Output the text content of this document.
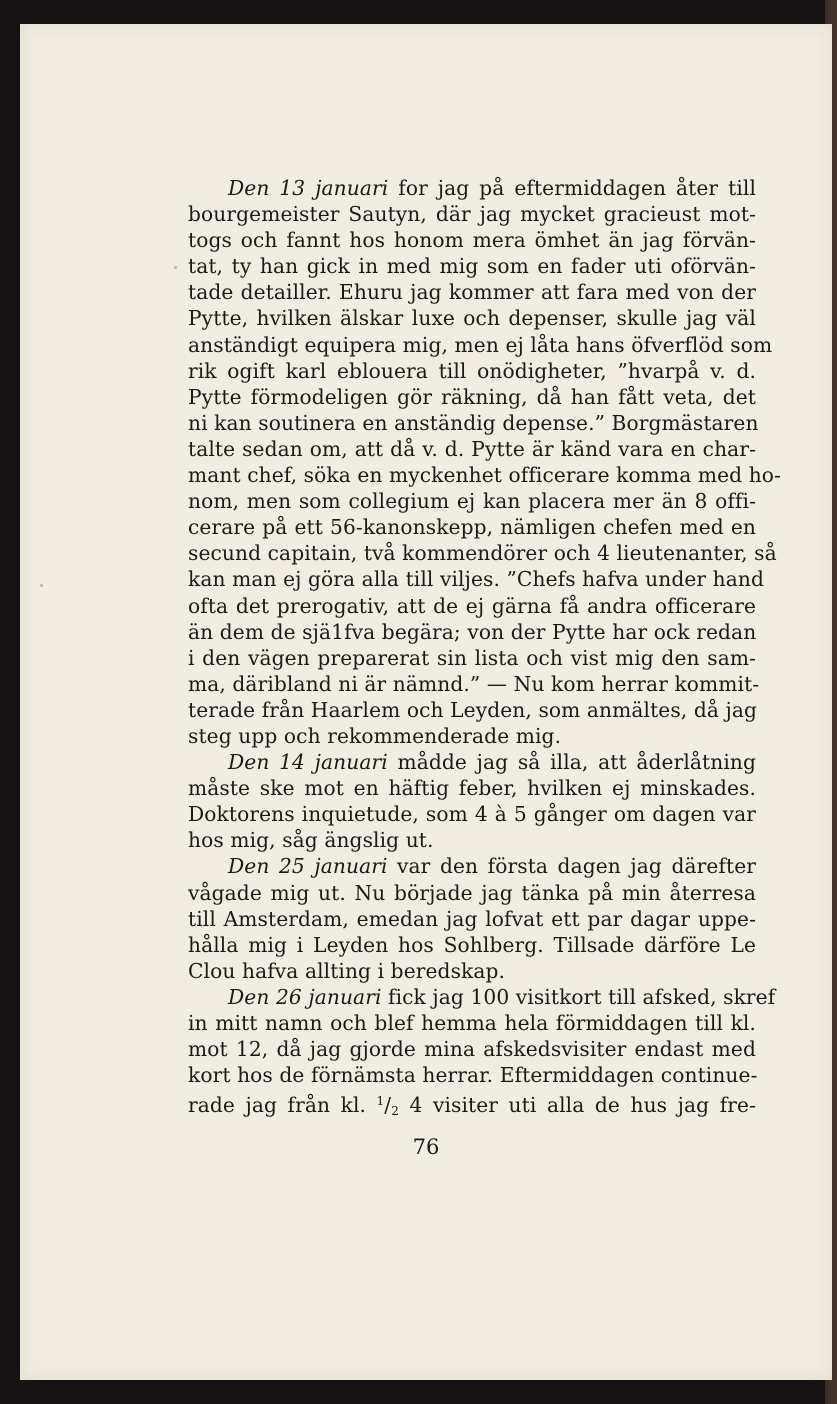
Den 13 januari for jag på eftermiddagen åter till
bourgemeister Sautyn, där jag mycket gracieust mot-
togs och fannt hos honom mera ömhet än jag förvän-
tat, ty han gick in med mig som en fader uti oförvän-
tade detailler. Ehuru jag kommer att fara med von der
Pytte, hvilken älskar luxe och depenser, skulle jag väl
anständigt equipera mig, men ej låta hans öfverflöd som
rik ogift karl eblouera till onödigheter, ”hvarpå v. d.
Pytte förmodeligen gör räkning, då han fått veta, det
ni kan soutinera en anständig depense.” Borgmästaren
talte sedan om, att då v. d. Pytte är känd vara en char-
mant chef, söka en myckenhet officerare komma med ho-
nom, men som collegium ej kan placera mer än 8 offi-
cerare på ett 56-kanonskepp, nämligen chefen med en
secund capitain, två kommendörer och 4 lieutenanter, så
kan man ej göra alla till viljes. ”Chefs hafva under hand
ofta det prerogativ, att de ej gärna få andra officerare
än dem de sjä1fva begära; von der Pytte har ock redan
i den vägen preparerat sin lista och vist mig den sam-
ma, däribland ni är nämnd.” — Nu kom herrar kommit-
terade från Haarlem och Leyden, som anmältes, då jag
steg upp och rekommenderade mig.
Den 14 januari mådde jag så illa, att åderlåtning
måste ske mot en häftig feber, hvilken ej minskades.
Doktorens inquietude, som 4 à 5 gånger om dagen var
hos mig, såg ängslig ut.
Den 25 januari var den första dagen jag därefter
vågade mig ut. Nu började jag tänka på min återresa
till Amsterdam, emedan jag lofvat ett par dagar uppe-
hålla mig i Leyden hos Sohlberg. Tillsade därföre Le
Clou hafva allting i beredskap.
Den 26 januari fick jag 100 visitkort till afsked, skref
in mitt namn och blef hemma hela förmiddagen till kl.
mot 12, då jag gjorde mina afskedsvisiter endast med
kort hos de förnämsta herrar. Eftermiddagen continue-
rade jag från kl. $^1/_2$ 4 visiter uti alla de hus jag fre-
76
